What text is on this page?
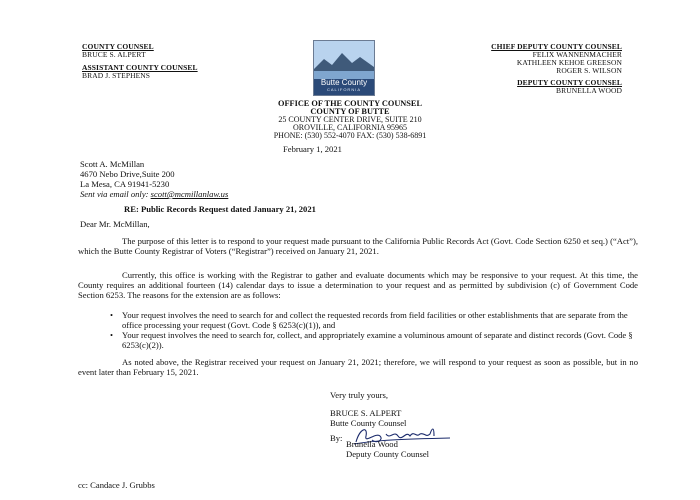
COUNTY COUNSEL
BRUCE S. ALPERT
ASSISTANT COUNTY COUNSEL
BRAD J. STEPHENS
Butte County
CALIFORNIA
CHIEF DEPUTY COUNTY COUNSEL
FELIX WANNENMACHER
KATHLEEN KEHOE GREESON
ROGER S. WILSON
DEPUTY COUNTY COUNSEL
BRUNELLA WOOD
OFFICE OF THE COUNTY COUNSEL
COUNTY OF BUTTE
25 COUNTY CENTER DRIVE, SUITE 210
OROVILLE, CALIFORNIA 95965
PHONE: (530) 552-4070 FAX: (530) 538-6891
February 1, 2021
Scott A. McMillan
4670 Nebo Drive,Suite 200
La Mesa, CA 91941-5230
Sent via email only: scott@mcmillanlaw.us
RE: Public Records Request dated January 21, 2021
Dear Mr. McMillan,
The purpose of this letter is to respond to your request made pursuant to the California Public Records Act (Govt. Code Section 6250 et seq.) (“Act”), which the Butte County Registrar of Voters (“Registrar”) received on January 21, 2021.
Currently, this office is working with the Registrar to gather and evaluate documents which may be responsive to your request. At this time, the County requires an additional fourteen (14) calendar days to issue a determination to your request and as permitted by subdivision (c) of Government Code Section 6253. The reasons for the extension are as follows:
• Your request involves the need to search for and collect the requested records from field facilities or other establishments that are separate from the office processing your request (Govt. Code § 6253(c)(1)), and
• Your request involves the need to search for, collect, and appropriately examine a voluminous amount of separate and distinct records (Govt. Code § 6253(c)(2)).
As noted above, the Registrar received your request on January 21, 2021; therefore, we will respond to your request as soon as possible, but in no event later than February 15, 2021.
Very truly yours,
BRUCE S. ALPERT
Butte County Counsel
By:
Brunella Wood
Deputy County Counsel
cc: Candace J. Grubbs
